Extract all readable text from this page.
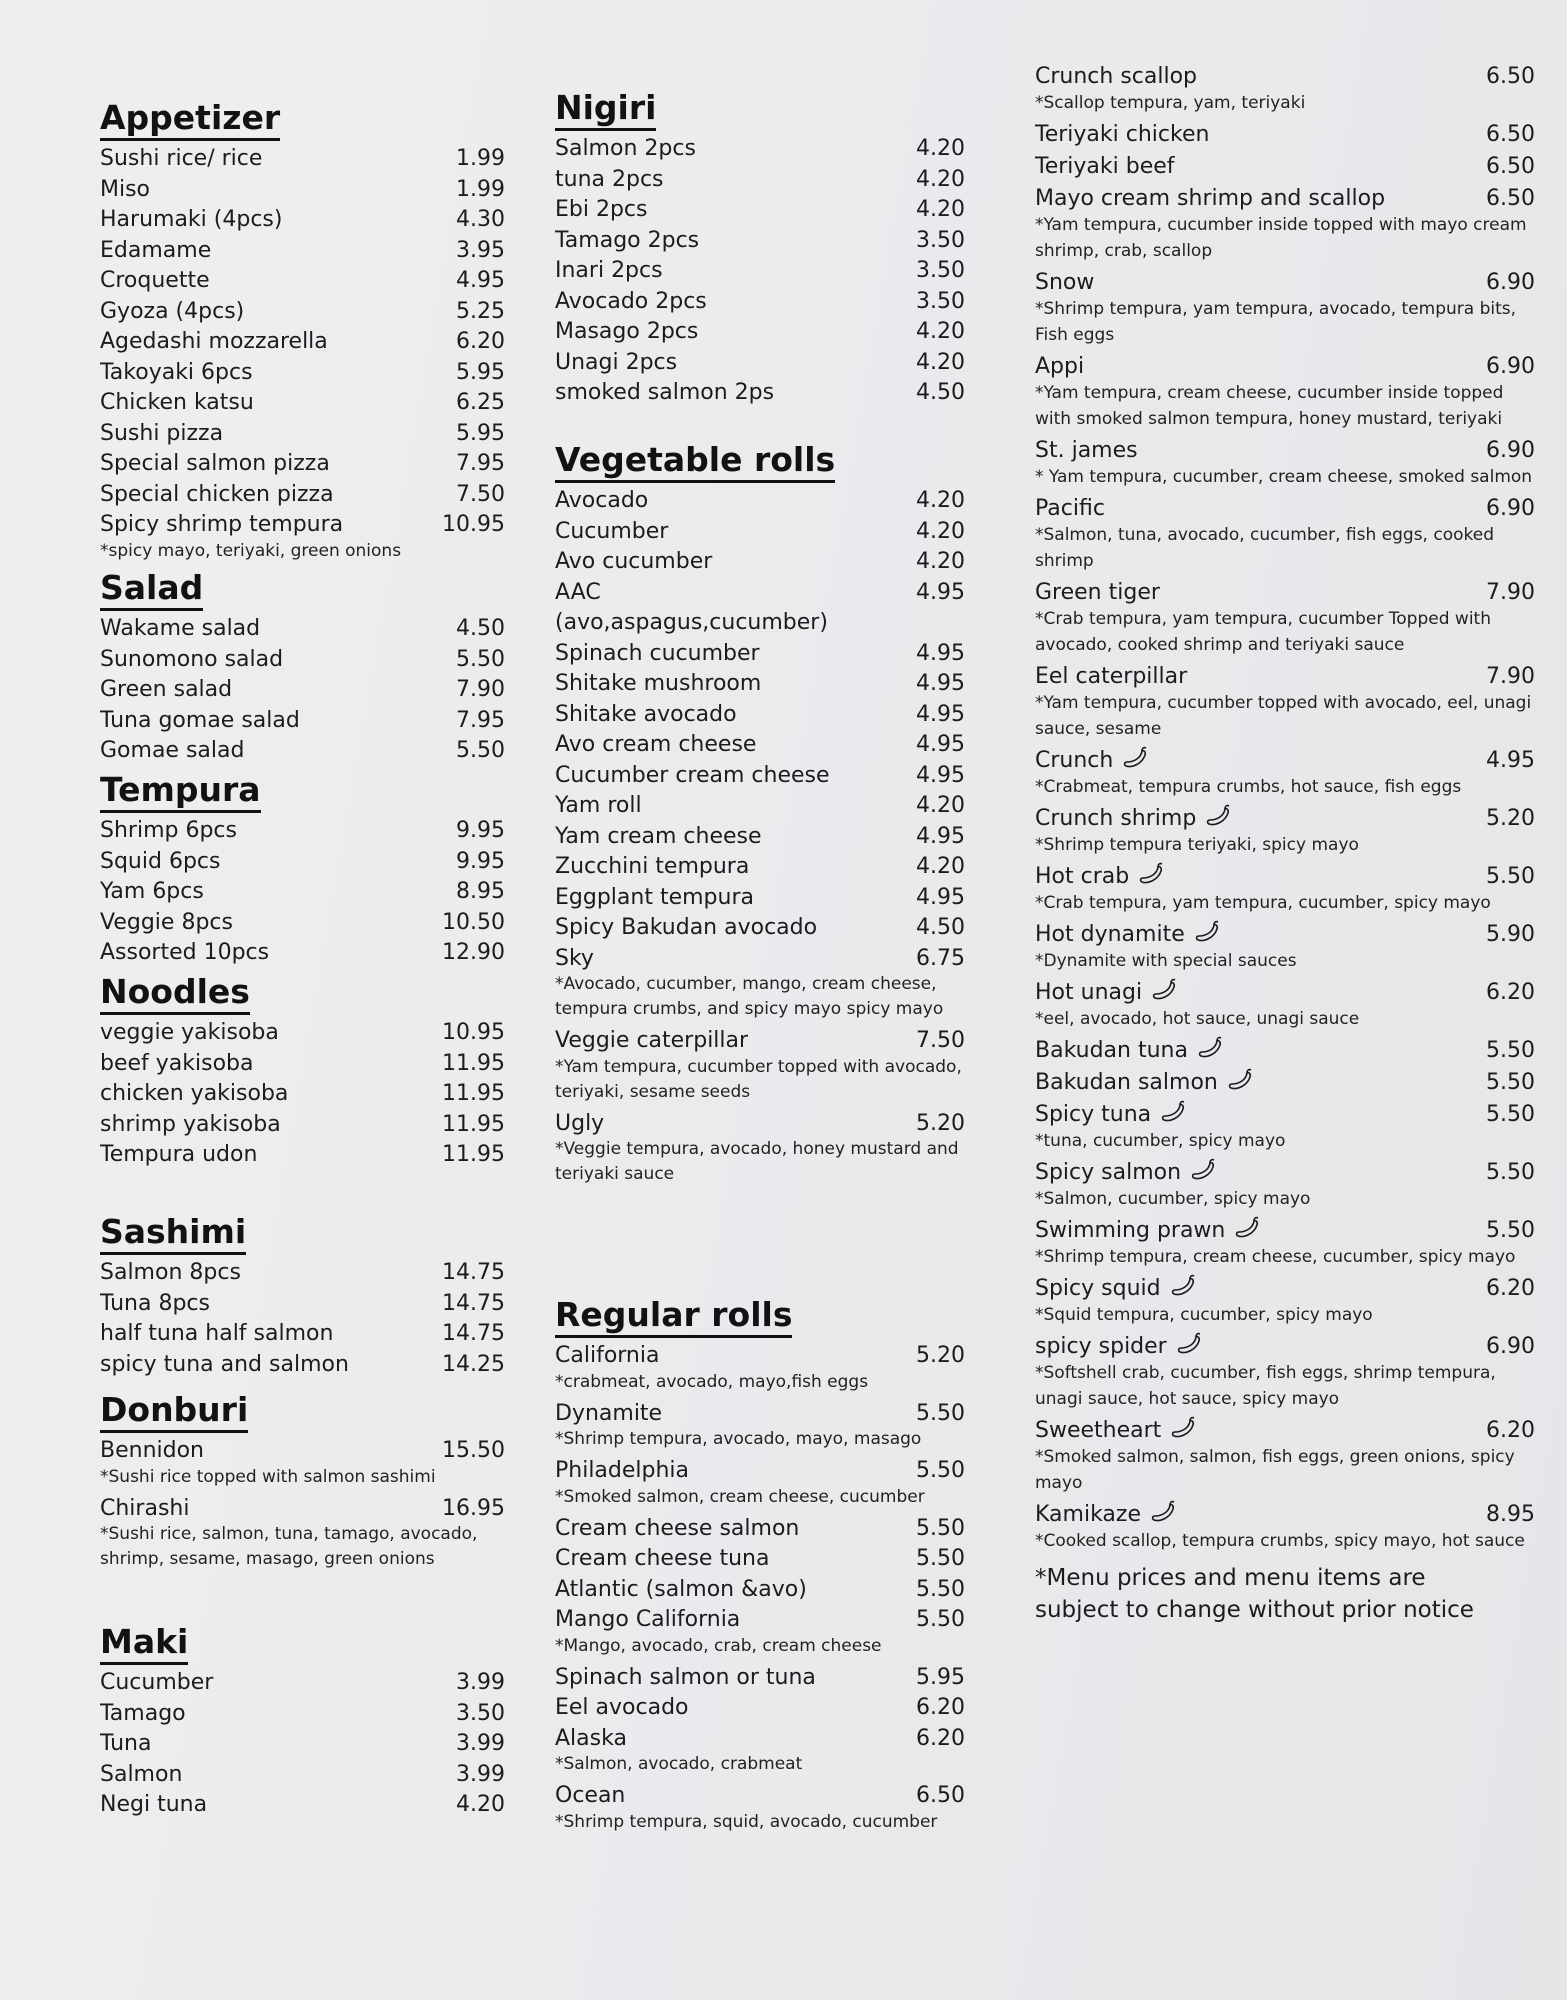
Appetizer
Sushi rice/ rice	1.99
Miso	1.99
Harumaki (4pcs)	4.30
Edamame	3.95
Croquette	4.95
Gyoza (4pcs)	5.25
Agedashi mozzarella	6.20
Takoyaki 6pcs	5.95
Chicken katsu	6.25
Sushi pizza	5.95
Special salmon pizza	7.95
Special chicken pizza	7.50
Spicy shrimp tempura	10.95
*spicy mayo, teriyaki, green onions
Salad
Wakame salad	4.50
Sunomono salad	5.50
Green salad	7.90
Tuna gomae salad	7.95
Gomae salad	5.50
Tempura
Shrimp 6pcs	9.95
Squid 6pcs	9.95
Yam 6pcs	8.95
Veggie 8pcs	10.50
Assorted 10pcs	12.90
Noodles
veggie yakisoba	10.95
beef yakisoba	11.95
chicken yakisoba	11.95
shrimp yakisoba	11.95
Tempura udon	11.95
Sashimi
Salmon 8pcs	14.75
Tuna 8pcs	14.75
half tuna half salmon	14.75
spicy tuna and salmon	14.25
Donburi
Bennidon	15.50
*Sushi rice topped with salmon sashimi
Chirashi	16.95
*Sushi rice, salmon, tuna, tamago, avocado, shrimp, sesame, masago, green onions
Maki
Cucumber	3.99
Tamago	3.50
Tuna	3.99
Salmon	3.99
Negi tuna	4.20
Nigiri
Salmon 2pcs	4.20
tuna 2pcs	4.20
Ebi 2pcs	4.20
Tamago 2pcs	3.50
Inari 2pcs	3.50
Avocado 2pcs	3.50
Masago 2pcs	4.20
Unagi 2pcs	4.20
smoked salmon 2ps	4.50
Vegetable rolls
Avocado	4.20
Cucumber	4.20
Avo cucumber	4.20
AAC	4.95
(avo,aspagus,cucumber)
Spinach cucumber	4.95
Shitake mushroom	4.95
Shitake avocado	4.95
Avo cream cheese	4.95
Cucumber cream cheese	4.95
Yam roll	4.20
Yam cream cheese	4.95
Zucchini tempura	4.20
Eggplant tempura	4.95
Spicy Bakudan avocado	4.50
Sky	6.75
*Avocado, cucumber, mango, cream cheese, tempura crumbs, and spicy mayo spicy mayo
Veggie caterpillar	7.50
*Yam tempura, cucumber topped with avocado, teriyaki, sesame seeds
Ugly	5.20
*Veggie tempura, avocado, honey mustard and teriyaki sauce
Regular rolls
California	5.20
*crabmeat, avocado, mayo,fish eggs
Dynamite	5.50
*Shrimp tempura, avocado, mayo, masago
Philadelphia	5.50
*Smoked salmon, cream cheese, cucumber
Cream cheese salmon	5.50
Cream cheese tuna	5.50
Atlantic (salmon &avo)	5.50
Mango California	5.50
*Mango, avocado, crab, cream cheese
Spinach salmon or tuna	5.95
Eel avocado	6.20
Alaska	6.20
*Salmon, avocado, crabmeat
Ocean	6.50
*Shrimp tempura, squid, avocado, cucumber
Crunch scallop	6.50
*Scallop tempura, yam, teriyaki
Teriyaki chicken	6.50
Teriyaki beef	6.50
Mayo cream shrimp and scallop	6.50
*Yam tempura, cucumber inside topped with mayo cream shrimp, crab, scallop
Snow	6.90
*Shrimp tempura, yam tempura, avocado, tempura bits, Fish eggs
Appi	6.90
*Yam tempura, cream cheese, cucumber inside topped with smoked salmon tempura, honey mustard, teriyaki
St. james	6.90
* Yam tempura, cucumber, cream cheese, smoked salmon
Pacific	6.90
*Salmon, tuna, avocado, cucumber, fish eggs, cooked shrimp
Green tiger	7.90
*Crab tempura, yam tempura, cucumber Topped with avocado, cooked shrimp and teriyaki sauce
Eel caterpillar	7.90
*Yam tempura, cucumber topped with avocado, eel, unagi sauce, sesame
Crunch	4.95
*Crabmeat, tempura crumbs, hot sauce, fish eggs
Crunch shrimp	5.20
*Shrimp tempura teriyaki, spicy mayo
Hot crab	5.50
*Crab tempura, yam tempura, cucumber, spicy mayo
Hot dynamite	5.90
*Dynamite with special sauces
Hot unagi	6.20
*eel, avocado, hot sauce, unagi sauce
Bakudan tuna	5.50
Bakudan salmon	5.50
Spicy tuna	5.50
*tuna, cucumber, spicy mayo
Spicy salmon	5.50
*Salmon, cucumber, spicy mayo
Swimming prawn	5.50
*Shrimp tempura, cream cheese, cucumber, spicy mayo
Spicy squid	6.20
*Squid tempura, cucumber, spicy mayo
spicy spider	6.90
*Softshell crab, cucumber, fish eggs, shrimp tempura, unagi sauce, hot sauce, spicy mayo
Sweetheart	6.20
*Smoked salmon, salmon, fish eggs, green onions, spicy mayo
Kamikaze	8.95
*Cooked scallop, tempura crumbs, spicy mayo, hot sauce
*Menu prices and menu items are subject to change without prior notice
